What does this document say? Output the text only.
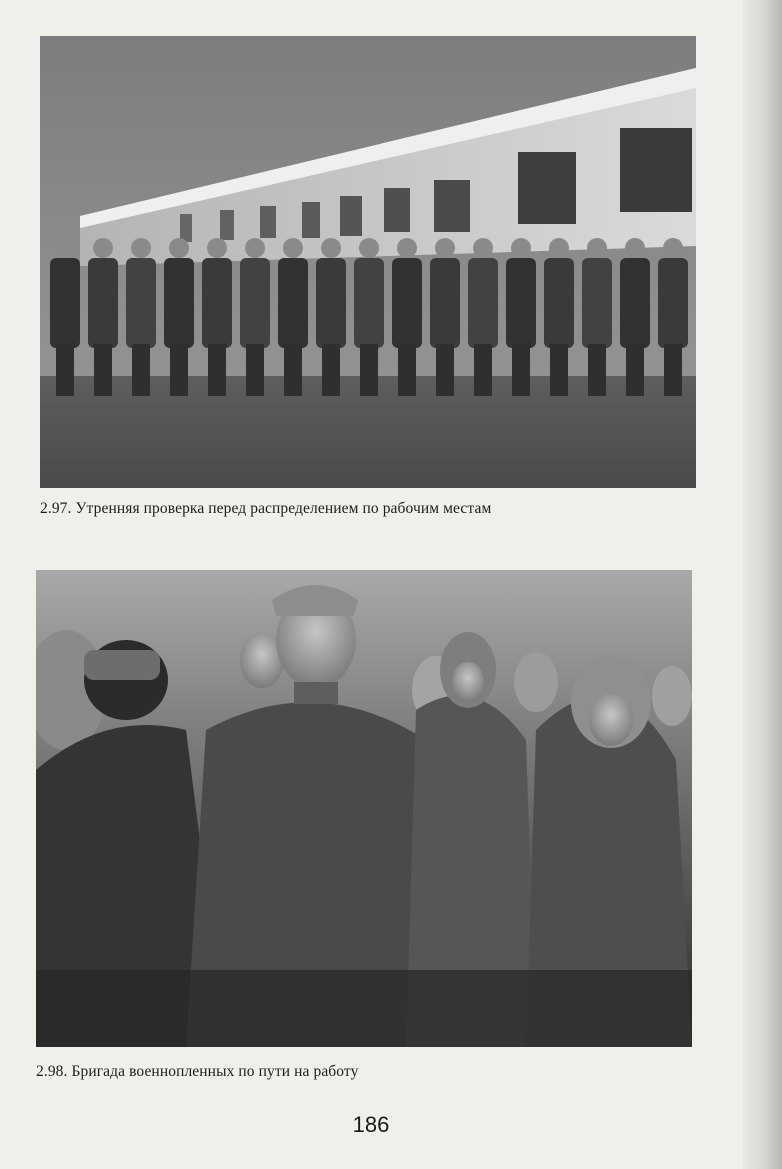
2.97. Утренняя проверка перед распределением по рабочим местам
2.98. Бригада военнопленных по пути на работу
186
